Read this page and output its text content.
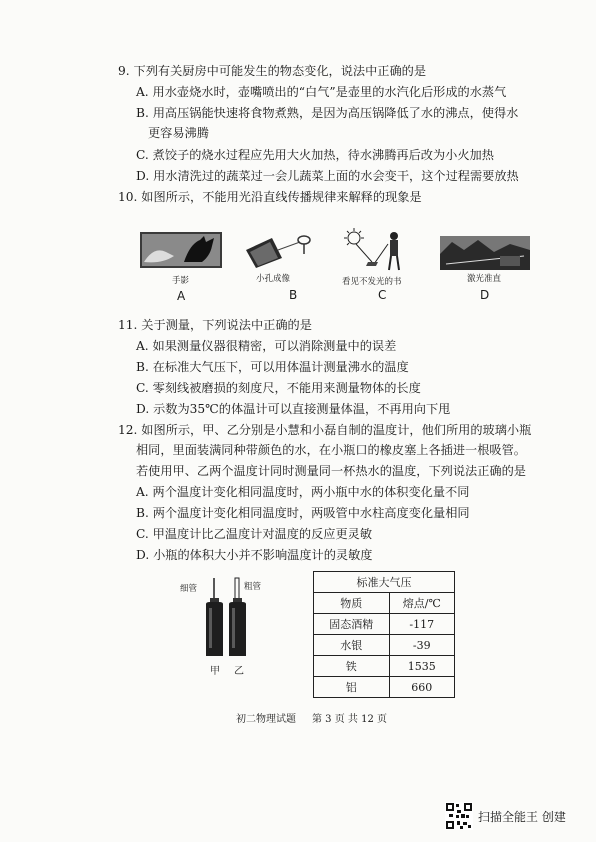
9. 下列有关厨房中可能发生的物态变化，说法中正确的是
A. 用水壶烧水时，壶嘴喷出的“白气”是壶里的水汽化后形成的水蒸气
B. 用高压锅能快速将食物煮熟，是因为高压锅降低了水的沸点，使得水
更容易沸腾
C. 煮饺子的烧水过程应先用大火加热，待水沸腾再后改为小火加热
D. 用水清洗过的蔬菜过一会儿蔬菜上面的水会变干，这个过程需要放热
10. 如图所示，不能用光沿直线传播规律来解释的现象是
手影
A
小孔成像
B
看见不发光的书
C
激光准直
D
11. 关于测量，下列说法中正确的是
A. 如果测量仪器很精密，可以消除测量中的误差
B. 在标准大气压下，可以用体温计测量沸水的温度
C. 零刻线被磨损的刻度尺，不能用来测量物体的长度
D. 示数为35℃的体温计可以直接测量体温，不再用向下甩
12. 如图所示，甲、乙分别是小慧和小磊自制的温度计，他们所用的玻璃小瓶
相同，里面装满同种带颜色的水，在小瓶口的橡皮塞上各插进一根吸管。
若使用甲、乙两个温度计同时测量同一杯热水的温度，下列说法正确的是
A. 两个温度计变化相同温度时，两小瓶中水的体积变化量不同
B. 两个温度计变化相同温度时，两吸管中水柱高度变化量相同
C. 甲温度计比乙温度计对温度的反应更灵敏
D. 小瓶的体积大小并不影响温度计的灵敏度
细管	粗管
甲 乙
标准大气压	
物质	熔点/℃
固态酒精	-117
水银	-39
铁	1535
铝	660
初二物理试题 第 3 页 共 12 页
扫描全能王 创建
